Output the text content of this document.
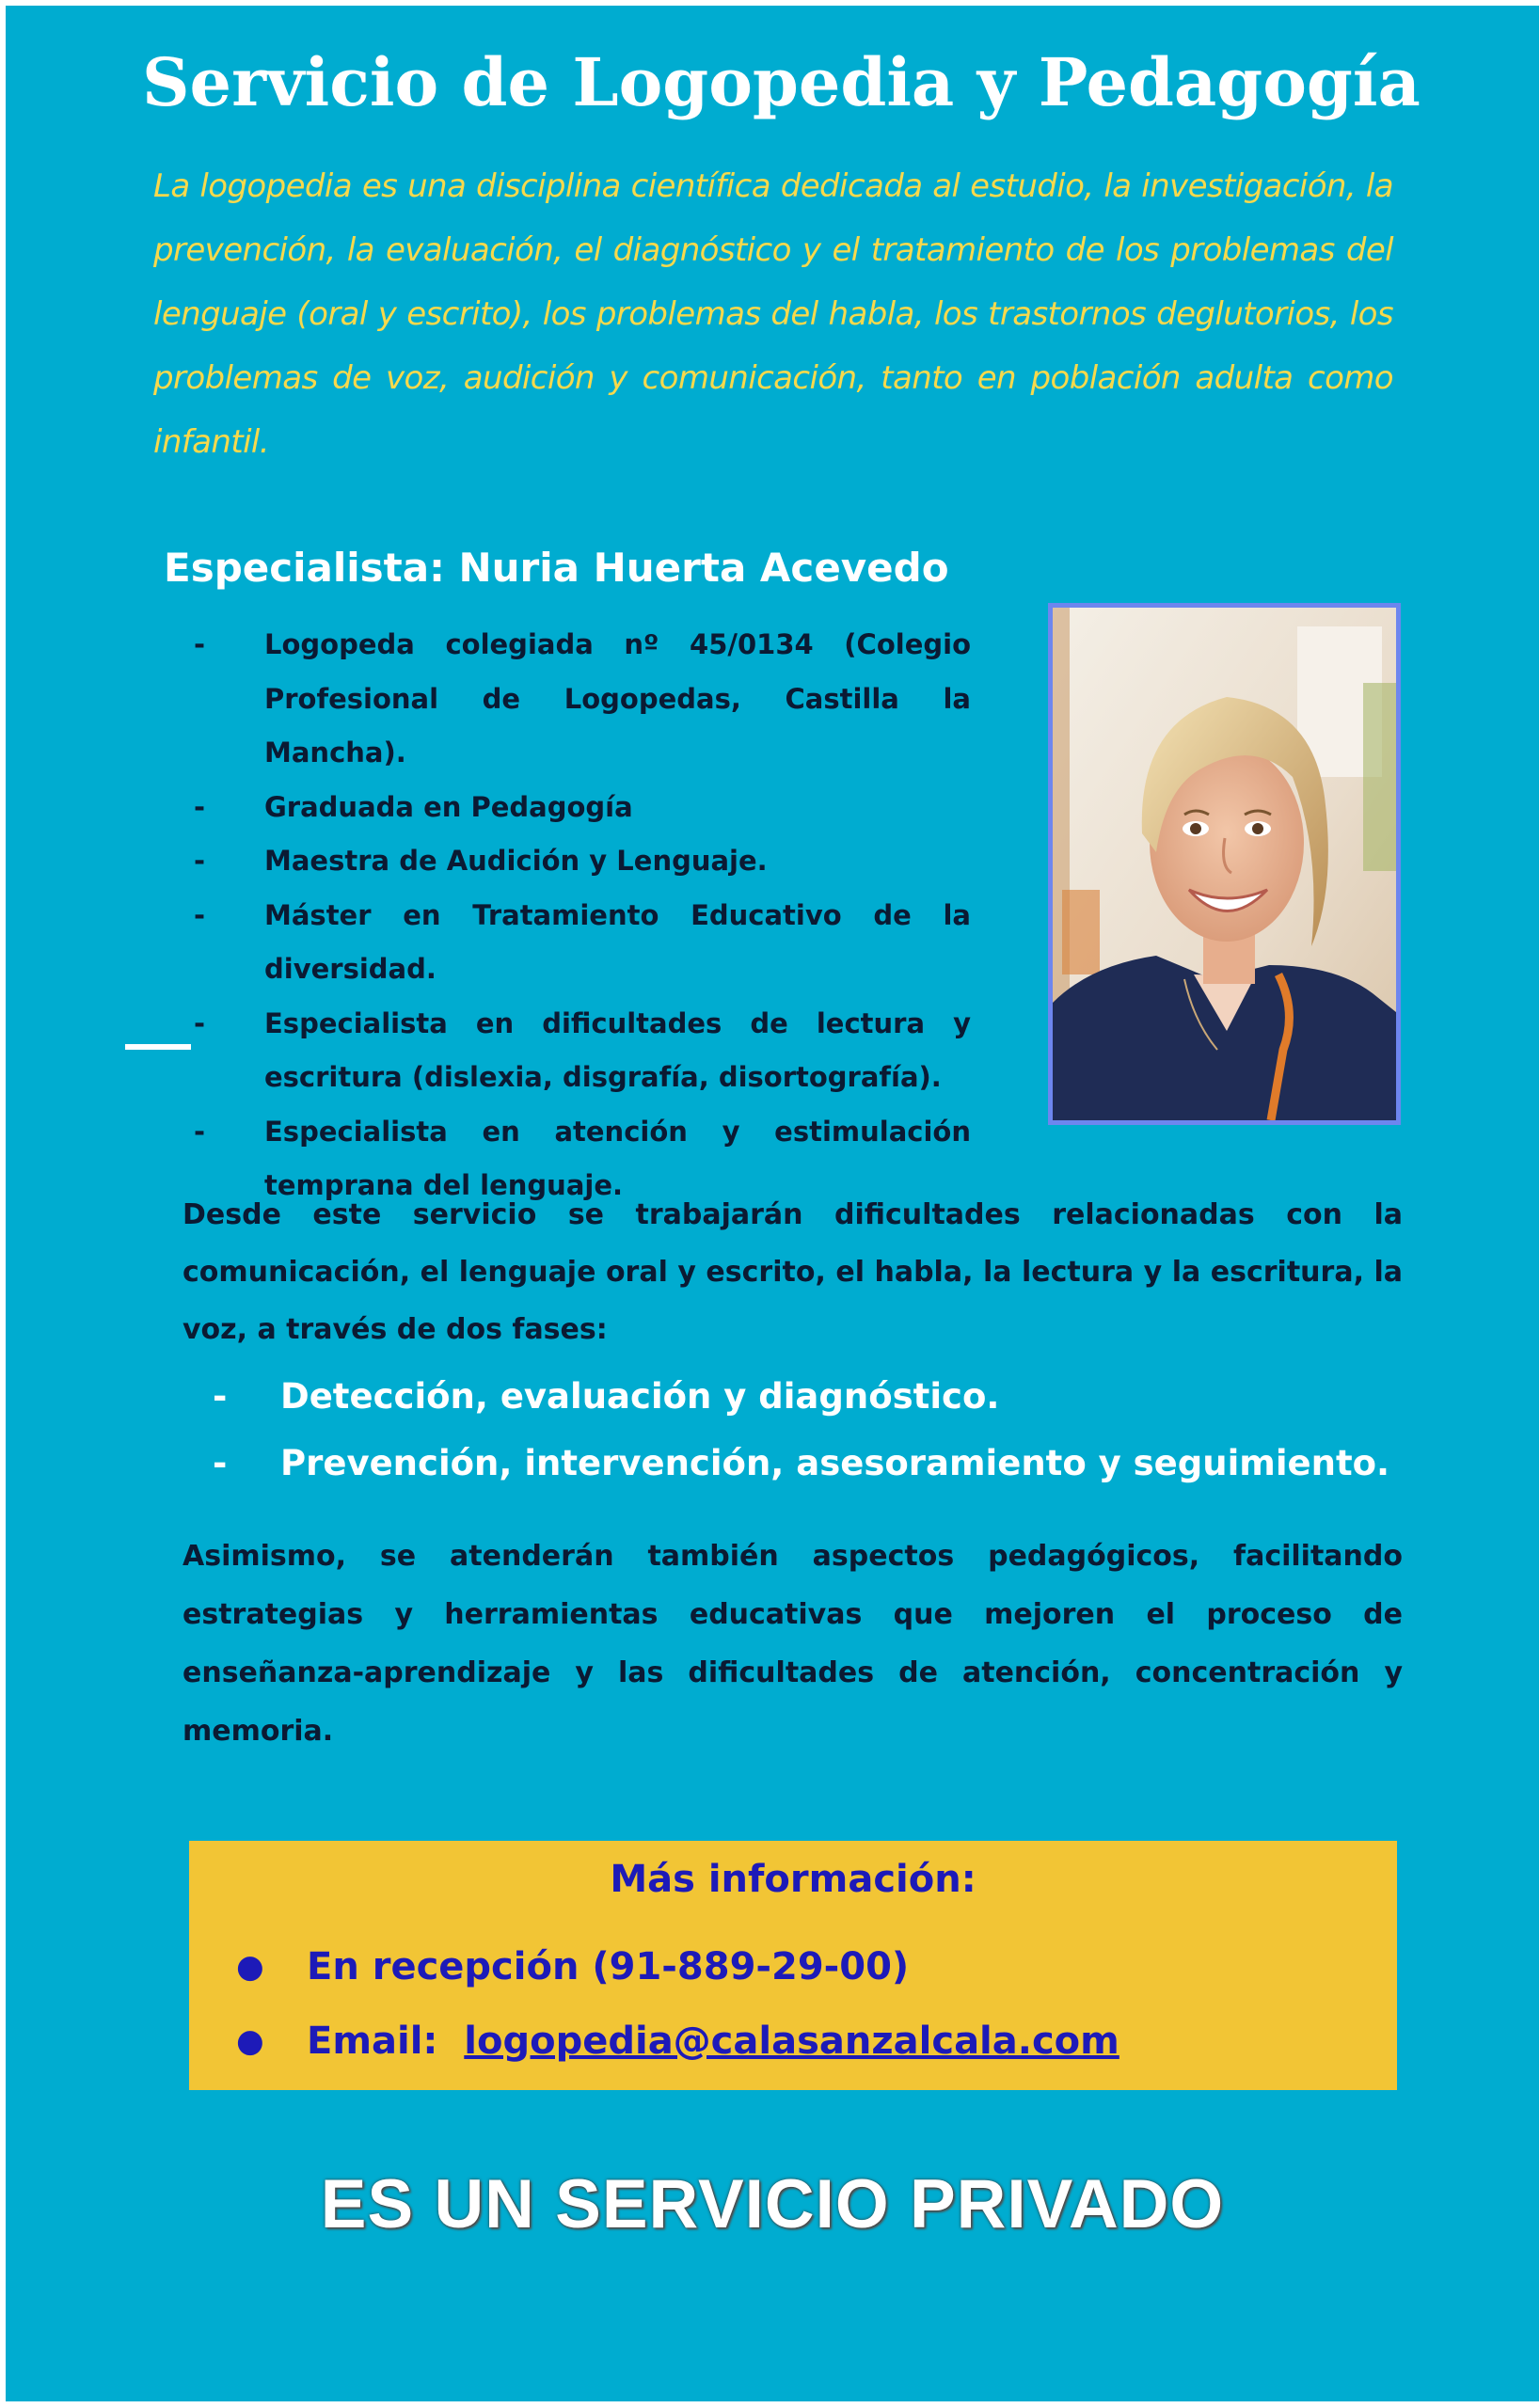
Servicio de Logopedia y Pedagogía

La logopedia es una disciplina científica dedicada al estudio, la investigación, la prevención, la evaluación, el diagnóstico y el tratamiento de los problemas del lenguaje (oral y escrito), los problemas del habla, los trastornos deglutorios, los problemas de voz, audición y comunicación, tanto en población adulta como infantil.

Especialista: Nuria Huerta Acevedo
- Logopeda colegiada nº 45/0134 (Colegio Profesional de Logopedas, Castilla la Mancha).
- Graduada en Pedagogía
- Maestra de Audición y Lenguaje.
- Máster en Tratamiento Educativo de la diversidad.
- Especialista en dificultades de lectura y escritura (dislexia, disgrafía, disortografía).
- Especialista en atención y estimulación temprana del lenguaje.

Desde este servicio se trabajarán dificultades relacionadas con la comunicación, el lenguaje oral y escrito, el habla, la lectura y la escritura, la voz, a través de dos fases:

- Detección, evaluación y diagnóstico.
- Prevención, intervención, asesoramiento y seguimiento.

Asimismo, se atenderán también aspectos pedagógicos, facilitando estrategias y herramientas educativas que mejoren el proceso de enseñanza-aprendizaje y las dificultades de atención, concentración y memoria.

Más información:
● En recepción (91-889-29-00)
● Email: logopedia@calasanzalcala.com
ES UN SERVICIO PRIVADO
